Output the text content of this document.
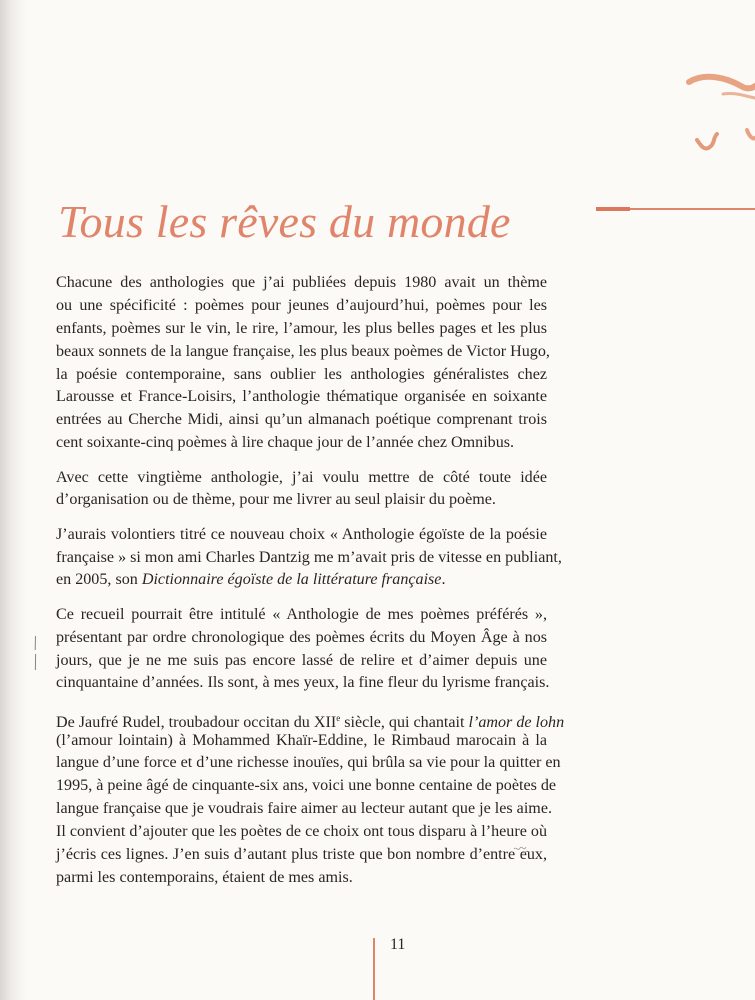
Tous les rêves du monde

Chacune des anthologies que j’ai publiées depuis 1980 avait un thème
ou une spécificité : poèmes pour jeunes d’aujourd’hui, poèmes pour les
enfants, poèmes sur le vin, le rire, l’amour, les plus belles pages et les plus
beaux sonnets de la langue française, les plus beaux poèmes de Victor Hugo,
la poésie contemporaine, sans oublier les anthologies généralistes chez
Larousse et France-Loisirs, l’anthologie thématique organisée en soixante
entrées au Cherche Midi, ainsi qu’un almanach poétique comprenant trois
cent soixante-cinq poèmes à lire chaque jour de l’année chez Omnibus.

Avec cette vingtième anthologie, j’ai voulu mettre de côté toute idée
d’organisation ou de thème, pour me livrer au seul plaisir du poème.

J’aurais volontiers titré ce nouveau choix « Anthologie égoïste de la poésie
française » si mon ami Charles Dantzig me m’avait pris de vitesse en publiant,
en 2005, son Dictionnaire égoïste de la littérature française.

Ce recueil pourrait être intitulé « Anthologie de mes poèmes préférés »,
présentant par ordre chronologique des poèmes écrits du Moyen Âge à nos
jours, que je ne me suis pas encore lassé de relire et d’aimer depuis une
cinquantaine d’années. Ils sont, à mes yeux, la fine fleur du lyrisme français.

De Jaufré Rudel, troubadour occitan du XIIe siècle, qui chantait l’amor de lohn
(l’amour lointain) à Mohammed Khaïr-Eddine, le Rimbaud marocain à la
langue d’une force et d’une richesse inouïes, qui brûla sa vie pour la quitter en
1995, à peine âgé de cinquante-six ans, voici une bonne centaine de poètes de
langue française que je voudrais faire aimer au lecteur autant que je les aime.
Il convient d’ajouter que les poètes de ce choix ont tous disparu à l’heure où
j’écris ces lignes. J’en suis d’autant plus triste que bon nombre d’entre eux,
parmi les contemporains, étaient de mes amis.

11
